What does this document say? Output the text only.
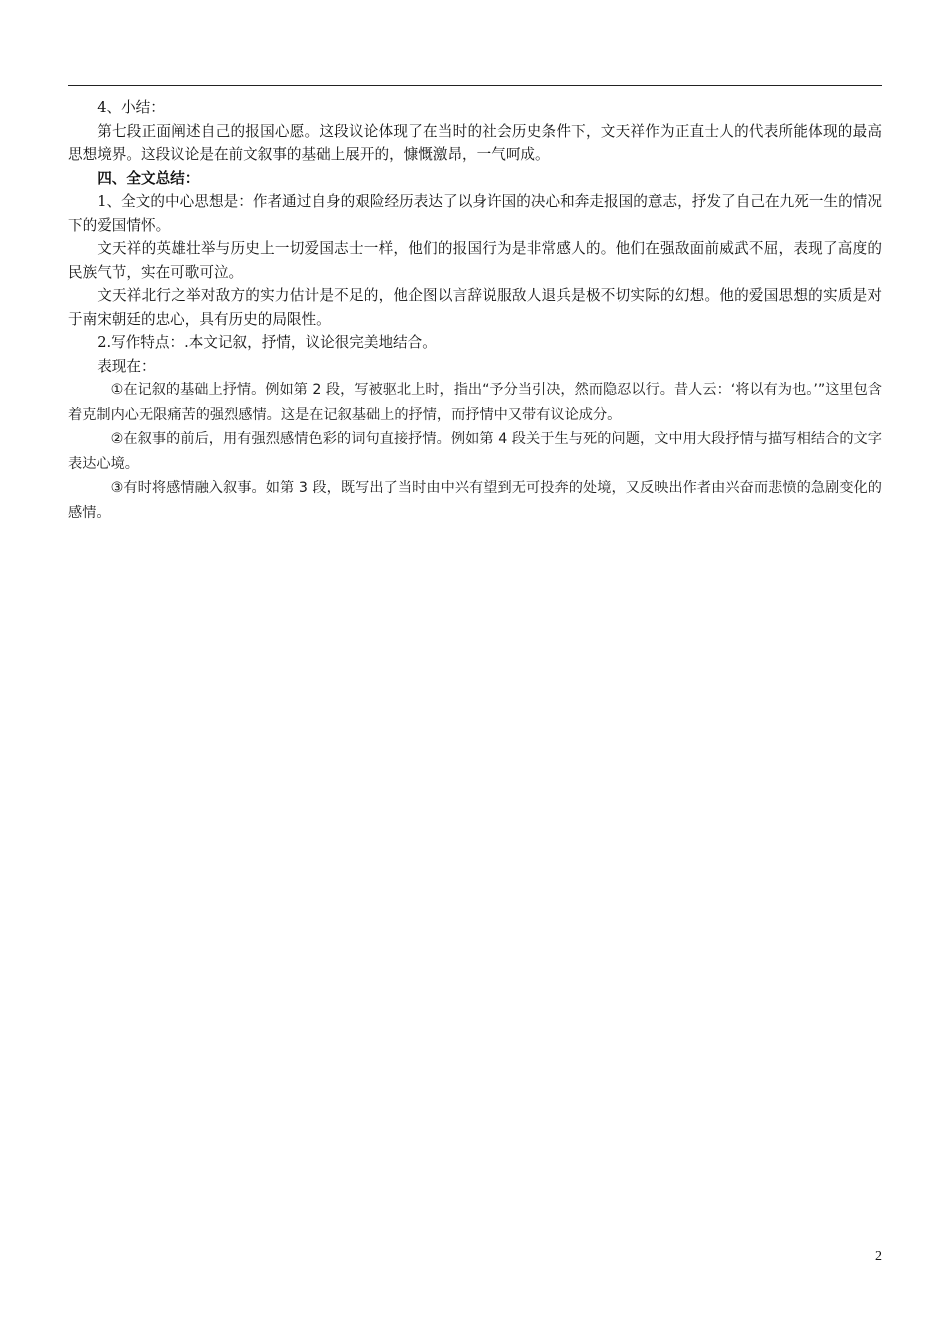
4、小结：

第七段正面阐述自己的报国心愿。这段议论体现了在当时的社会历史条件下，文天祥作为正直士人的代表所能体现的最高思想境界。这段议论是在前文叙事的基础上展开的，慷慨激昂，一气呵成。

四、全文总结：

1、全文的中心思想是：作者通过自身的艰险经历表达了以身许国的决心和奔走报国的意志，抒发了自己在九死一生的情况下的爱国情怀。

文天祥的英雄壮举与历史上一切爱国志士一样，他们的报国行为是非常感人的。他们在强敌面前威武不屈，表现了高度的民族气节，实在可歌可泣。

文天祥北行之举对敌方的实力估计是不足的，他企图以言辞说服敌人退兵是极不切实际的幻想。他的爱国思想的实质是对于南宋朝廷的忠心，具有历史的局限性。

2.写作特点：.本文记叙，抒情，议论很完美地结合。

表现在：

①在记叙的基础上抒情。例如第 2 段，写被驱北上时，指出“予分当引决，然而隐忍以行。昔人云：‘将以有为也。’”这里包含着克制内心无限痛苦的强烈感情。这是在记叙基础上的抒情，而抒情中又带有议论成分。

②在叙事的前后，用有强烈感情色彩的词句直接抒情。例如第 4 段关于生与死的问题，文中用大段抒情与描写相结合的文字表达心境。

③有时将感情融入叙事。如第 3 段，既写出了当时由中兴有望到无可投奔的处境，又反映出作者由兴奋而悲愤的急剧变化的感情。

2
